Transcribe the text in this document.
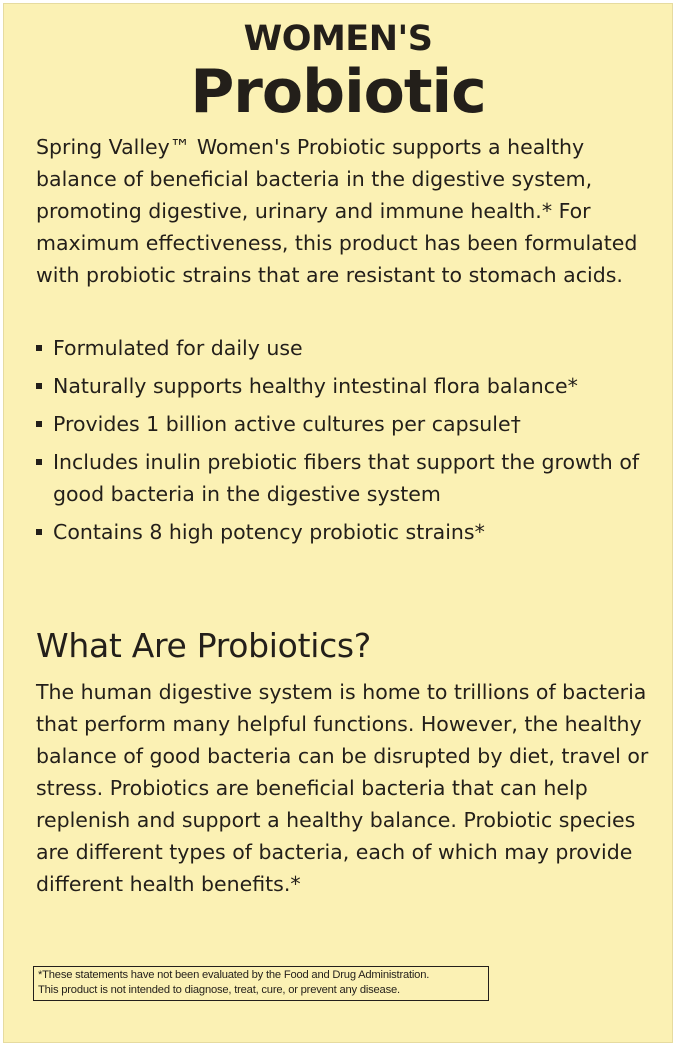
WOMEN'S
Probiotic

Spring Valley™ Women's Probiotic supports a healthy balance of beneficial bacteria in the digestive system, promoting digestive, urinary and immune health.* For maximum effectiveness, this product has been formulated with probiotic strains that are resistant to stomach acids.

Formulated for daily use
Naturally supports healthy intestinal flora balance*
Provides 1 billion active cultures per capsule†
Includes inulin prebiotic fibers that support the growth of good bacteria in the digestive system
Contains 8 high potency probiotic strains*
What Are Probiotics?

The human digestive system is home to trillions of bacteria that perform many helpful functions. However, the healthy balance of good bacteria can be disrupted by diet, travel or stress. Probiotics are beneficial bacteria that can help replenish and support a healthy balance. Probiotic species are different types of bacteria, each of which may provide different health benefits.*

*These statements have not been evaluated by the Food and Drug Administration.
This product is not intended to diagnose, treat, cure, or prevent any disease.
